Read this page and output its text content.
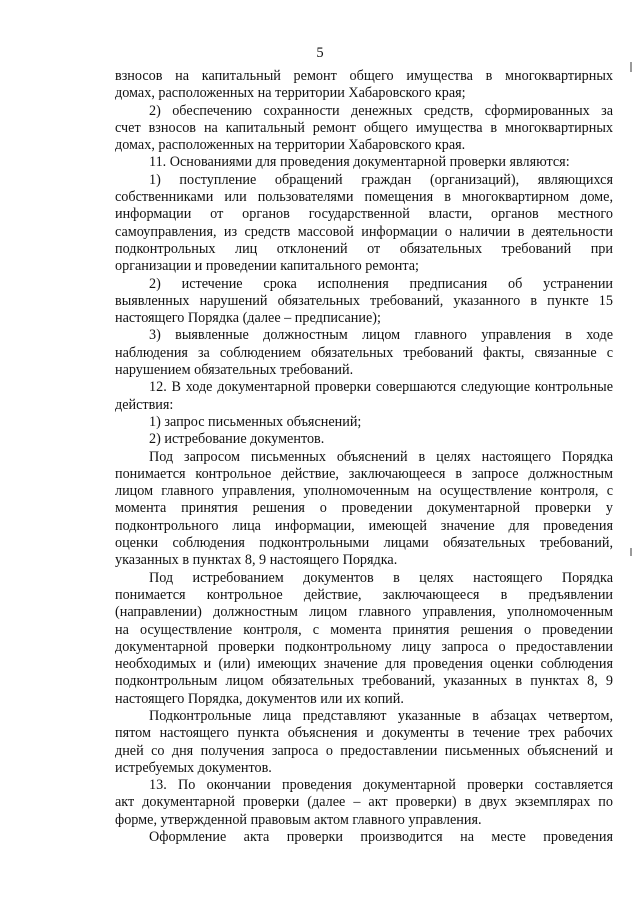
5
взносов на капитальный ремонт общего имущества в многоквартирных
домах, расположенных на территории Хабаровского края;
2) обеспечению сохранности денежных средств, сформированных за
счет взносов на капитальный ремонт общего имущества в многоквартирных
домах, расположенных на территории Хабаровского края.
11. Основаниями для проведения документарной проверки являются:
1) поступление обращений граждан (организаций), являющихся
собственниками или пользователями помещения в многоквартирном доме,
информации от органов государственной власти, органов местного
самоуправления, из средств массовой информации о наличии в деятельности
подконтрольных лиц отклонений от обязательных требований при
организации и проведении капитального ремонта;
2) истечение срока исполнения предписания об устранении
выявленных нарушений обязательных требований, указанного в пункте 15
настоящего Порядка (далее – предписание);
3) выявленные должностным лицом главного управления в ходе
наблюдения за соблюдением обязательных требований факты, связанные с
нарушением обязательных требований.
12. В ходе документарной проверки совершаются следующие контрольные
действия:
1) запрос письменных объяснений;
2) истребование документов.
Под запросом письменных объяснений в целях настоящего Порядка
понимается контрольное действие, заключающееся в запросе должностным
лицом главного управления, уполномоченным на осуществление контроля, с
момента принятия решения о проведении документарной проверки у
подконтрольного лица информации, имеющей значение для проведения
оценки соблюдения подконтрольными лицами обязательных требований,
указанных в пунктах 8, 9 настоящего Порядка.
Под истребованием документов в целях настоящего Порядка
понимается контрольное действие, заключающееся в предъявлении
(направлении) должностным лицом главного управления, уполномоченным
на осуществление контроля, с момента принятия решения о проведении
документарной проверки подконтрольному лицу запроса о предоставлении
необходимых и (или) имеющих значение для проведения оценки соблюдения
подконтрольным лицом обязательных требований, указанных в пунктах 8, 9
настоящего Порядка, документов или их копий.
Подконтрольные лица представляют указанные в абзацах четвертом,
пятом настоящего пункта объяснения и документы в течение трех рабочих
дней со дня получения запроса о предоставлении письменных объяснений и
истребуемых документов.
13. По окончании проведения документарной проверки составляется
акт документарной проверки (далее – акт проверки) в двух экземплярах по
форме, утвержденной правовым актом главного управления.
Оформление акта проверки производится на месте проведения
